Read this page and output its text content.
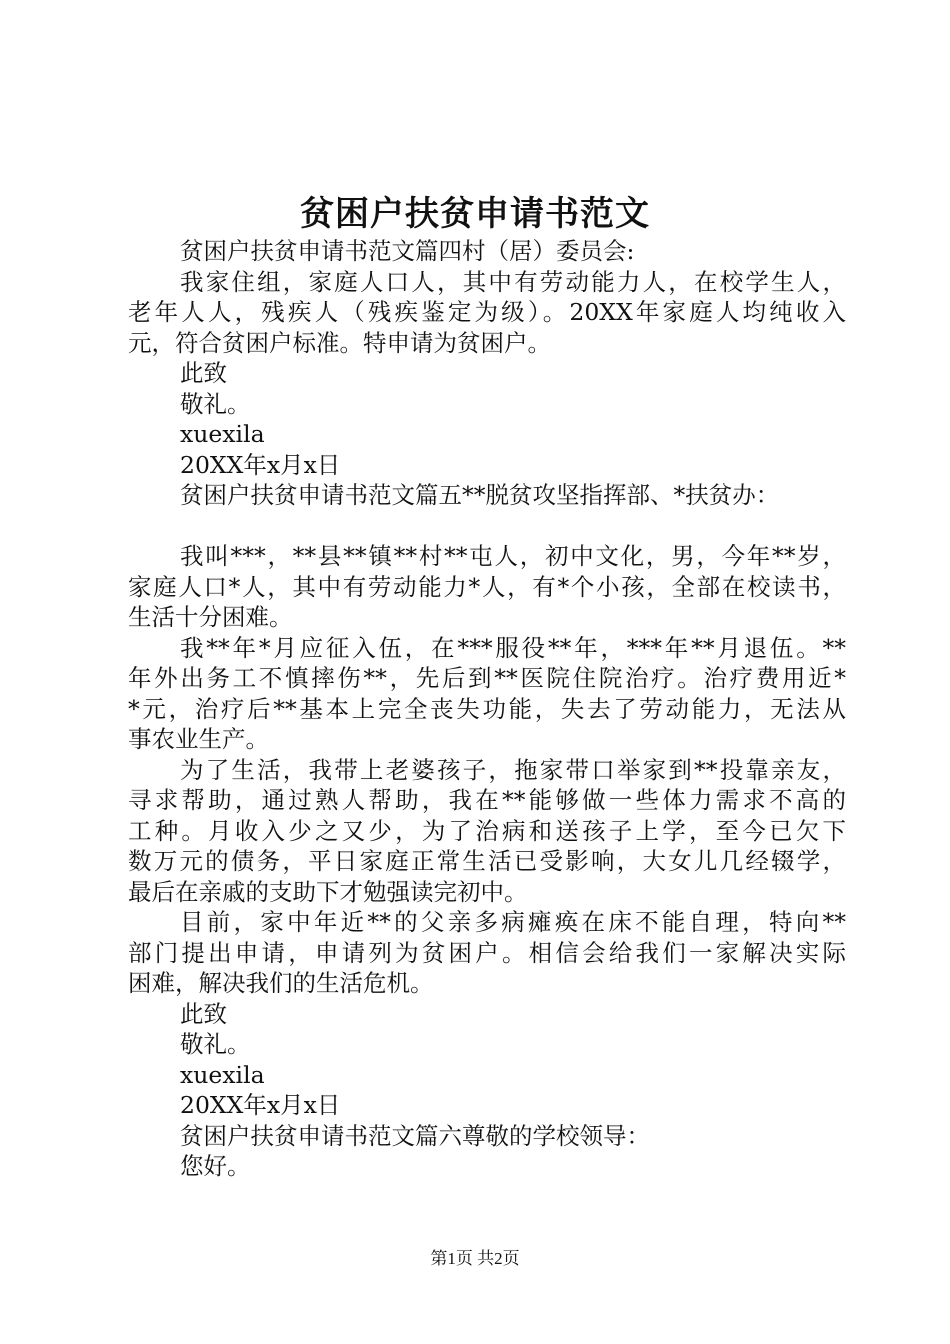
贫困户扶贫申请书范文
贫困户扶贫申请书范文篇四村（居）委员会:
我家住组，家庭人口人，其中有劳动能力人，在校学生人，
老年人人，残疾人（残疾鉴定为级）。20XX年家庭人均纯收入
元，符合贫困户标准。特申请为贫困户。
此致
敬礼。
xuexila
20XX年x月x日
贫困户扶贫申请书范文篇五**脱贫攻坚指挥部、*扶贫办：
我叫***，**县**镇**村**屯人，初中文化，男，今年**岁，
家庭人口*人，其中有劳动能力*人，有*个小孩，全部在校读书，
生活十分困难。
我**年*月应征入伍，在***服役**年，***年**月退伍。**
年外出务工不慎摔伤**，先后到**医院住院治疗。治疗费用近*
*元，治疗后**基本上完全丧失功能，失去了劳动能力，无法从
事农业生产。
为了生活，我带上老婆孩子，拖家带口举家到**投靠亲友，
寻求帮助，通过熟人帮助，我在**能够做一些体力需求不高的
工种。月收入少之又少，为了治病和送孩子上学，至今已欠下
数万元的债务，平日家庭正常生活已受影响，大女儿几经辍学，
最后在亲戚的支助下才勉强读完初中。
目前，家中年近**的父亲多病瘫痪在床不能自理，特向**
部门提出申请，申请列为贫困户。相信会给我们一家解决实际
困难，解决我们的生活危机。
此致
敬礼。
xuexila
20XX年x月x日
贫困户扶贫申请书范文篇六尊敬的学校领导：
您好。
第1页 共2页
